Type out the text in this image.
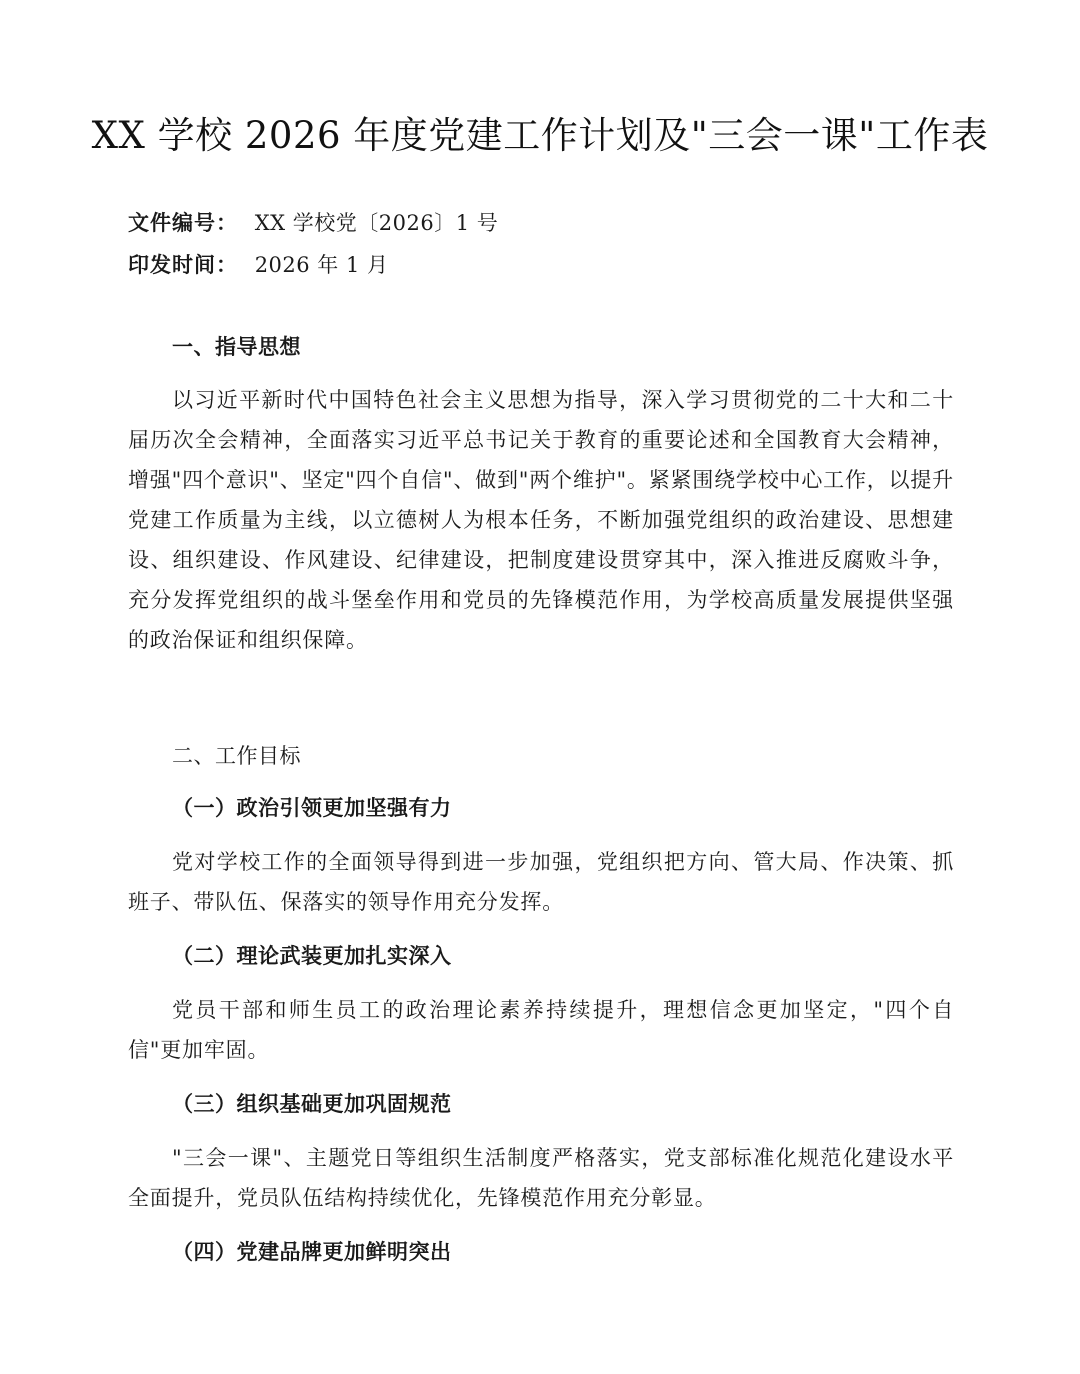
XX 学校 2026 年度党建工作计划及"三会一课"工作表
文件编号： XX 学校党〔2026〕1 号
印发时间： 2026 年 1 月
一、指导思想
以习近平新时代中国特色社会主义思想为指导，深入学习贯彻党的二十大和二十届历次全会精神，全面落实习近平总书记关于教育的重要论述和全国教育大会精神，增强"四个意识"、坚定"四个自信"、做到"两个维护"。紧紧围绕学校中心工作，以提升党建工作质量为主线，以立德树人为根本任务，不断加强党组织的政治建设、思想建设、组织建设、作风建设、纪律建设，把制度建设贯穿其中，深入推进反腐败斗争，充分发挥党组织的战斗堡垒作用和党员的先锋模范作用，为学校高质量发展提供坚强的政治保证和组织保障。
二、工作目标
（一）政治引领更加坚强有力
党对学校工作的全面领导得到进一步加强，党组织把方向、管大局、作决策、抓班子、带队伍、保落实的领导作用充分发挥。
（二）理论武装更加扎实深入
党员干部和师生员工的政治理论素养持续提升，理想信念更加坚定，"四个自信"更加牢固。
（三）组织基础更加巩固规范
"三会一课"、主题党日等组织生活制度严格落实，党支部标准化规范化建设水平全面提升，党员队伍结构持续优化，先锋模范作用充分彰显。
（四）党建品牌更加鲜明突出
